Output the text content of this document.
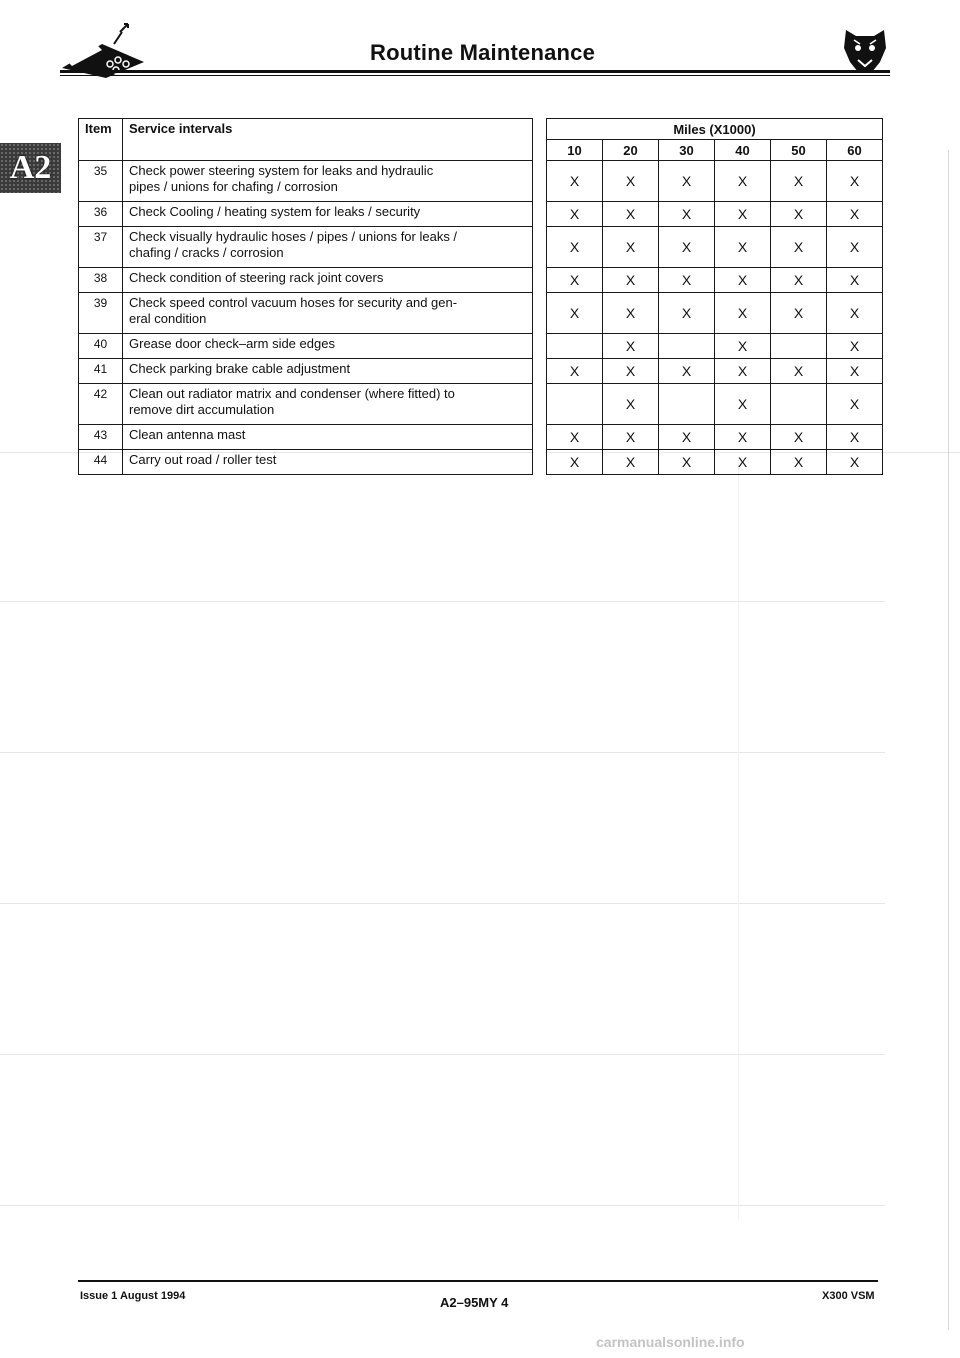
Routine Maintenance
A2
Item	Service intervals		Miles (X1000)					
			10	20	30	40	50	60
35	Check power steering system for leaks and hydraulic
pipes / unions for chafing / corrosion		X	X	X	X	X	X
36	Check Cooling / heating system for leaks / security		X	X	X	X	X	X
37	Check visually hydraulic hoses / pipes / unions for leaks /
chafing / cracks / corrosion		X	X	X	X	X	X
38	Check condition of steering rack joint covers		X	X	X	X	X	X
39	Check speed control vacuum hoses for security and gen-
eral condition		X	X	X	X	X	X
40	Grease door check–arm side edges			X		X		X
41	Check parking brake cable adjustment		X	X	X	X	X	X
42	Clean out radiator matrix and condenser (where fitted) to
remove dirt accumulation			X		X		X
43	Clean antenna mast		X	X	X	X	X	X
44	Carry out road / roller test		X	X	X	X	X	X
Issue 1 August 1994	A2–95MY 4	X300 VSM
carmanualsonline.info
